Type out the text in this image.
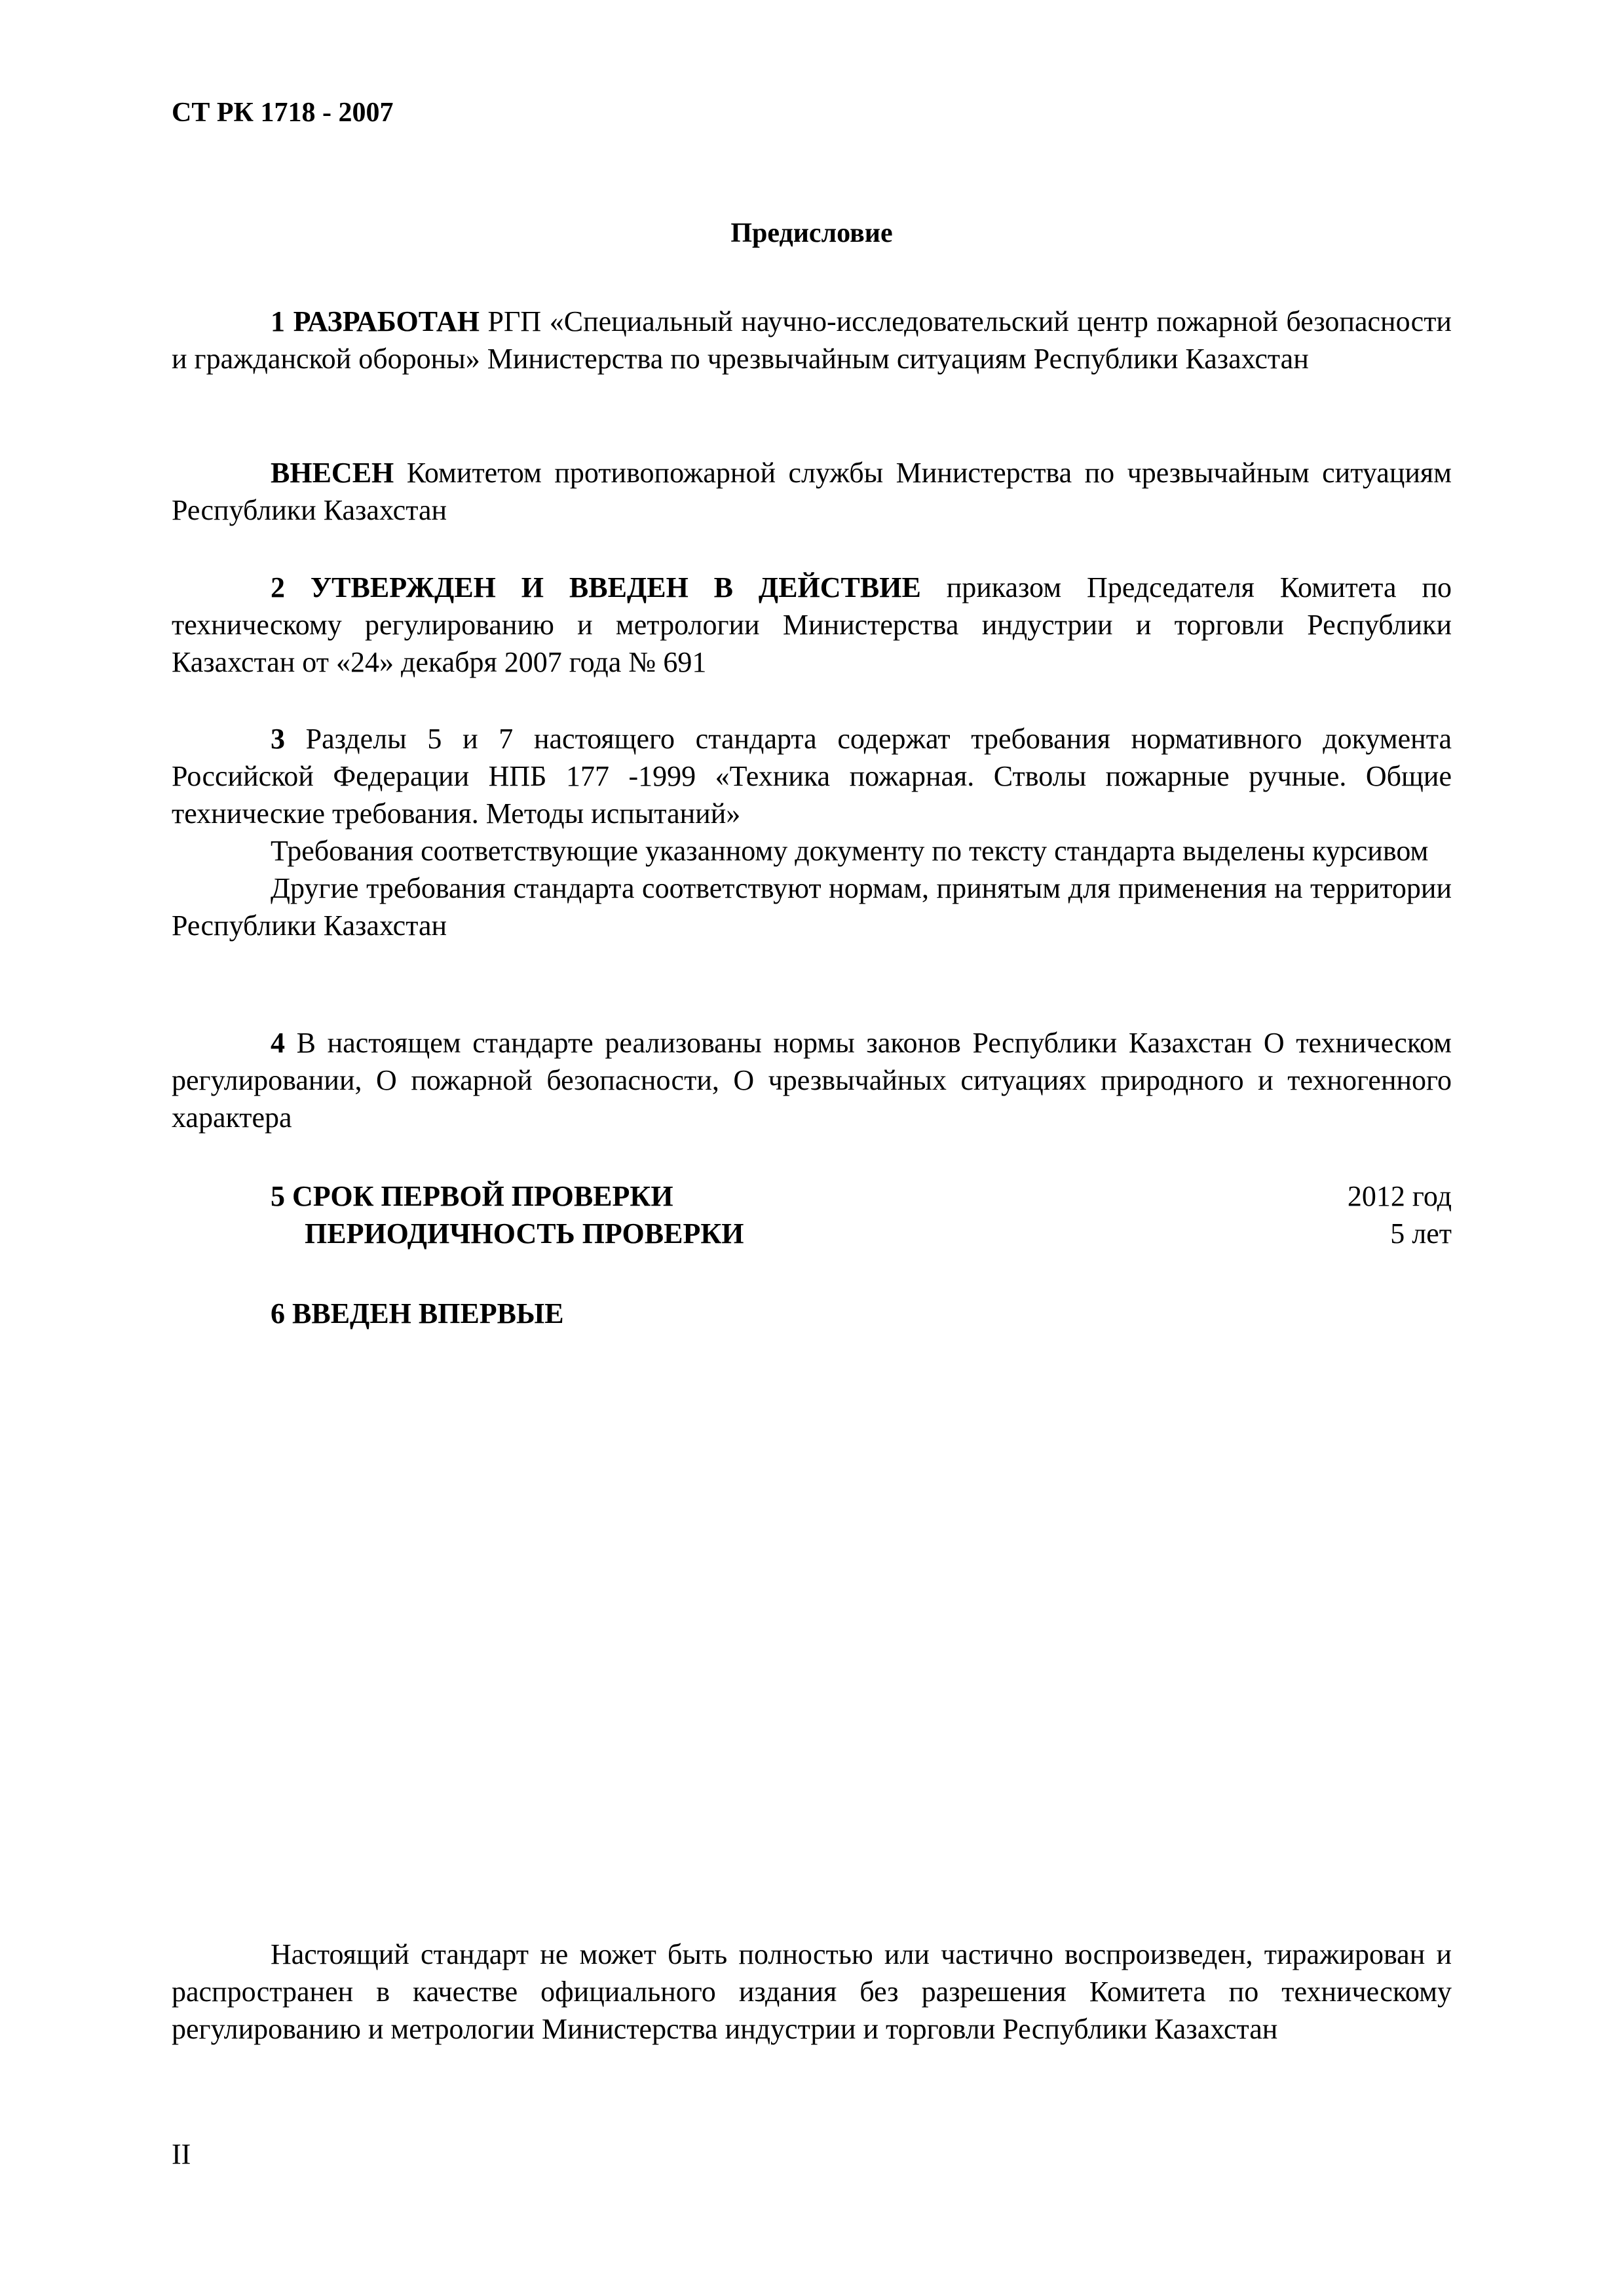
СТ РК 1718 - 2007
Предисловие

1 РАЗРАБОТАН РГП «Специальный научно-исследовательский центр пожарной безопасности и гражданской обороны» Министерства по чрезвычайным ситуациям Республики Казахстан

ВНЕСЕН Комитетом противопожарной службы Министерства по чрезвычайным ситуациям Республики Казахстан

2 УТВЕРЖДЕН И ВВЕДЕН В ДЕЙСТВИЕ приказом Председателя Комитета по техническому регулированию и метрологии Министерства индустрии и торговли Республики Казахстан от «24» декабря 2007 года № 691

3 Разделы 5 и 7 настоящего стандарта содержат требования нормативного документа Российской Федерации НПБ 177 -1999 «Техника пожарная. Стволы пожарные ручные. Общие технические требования. Методы испытаний»

Требования соответствующие указанному документу по тексту стандарта выделены курсивом

Другие требования стандарта соответствуют нормам, принятым для применения на территории Республики Казахстан

4 В настоящем стандарте реализованы нормы законов Республики Казахстан О техническом регулировании, О пожарной безопасности, О чрезвычайных ситуациях природного и техногенного характера

5 СРОК ПЕРВОЙ ПРОВЕРКИ	2012 год
ПЕРИОДИЧНОСТЬ ПРОВЕРКИ	5 лет
6 ВВЕДЕН ВПЕРВЫЕ

Настоящий стандарт не может быть полностью или частично воспроизведен, тиражирован и распространен в качестве официального издания без разрешения Комитета по техническому регулированию и метрологии Министерства индустрии и торговли Республики Казахстан

II
